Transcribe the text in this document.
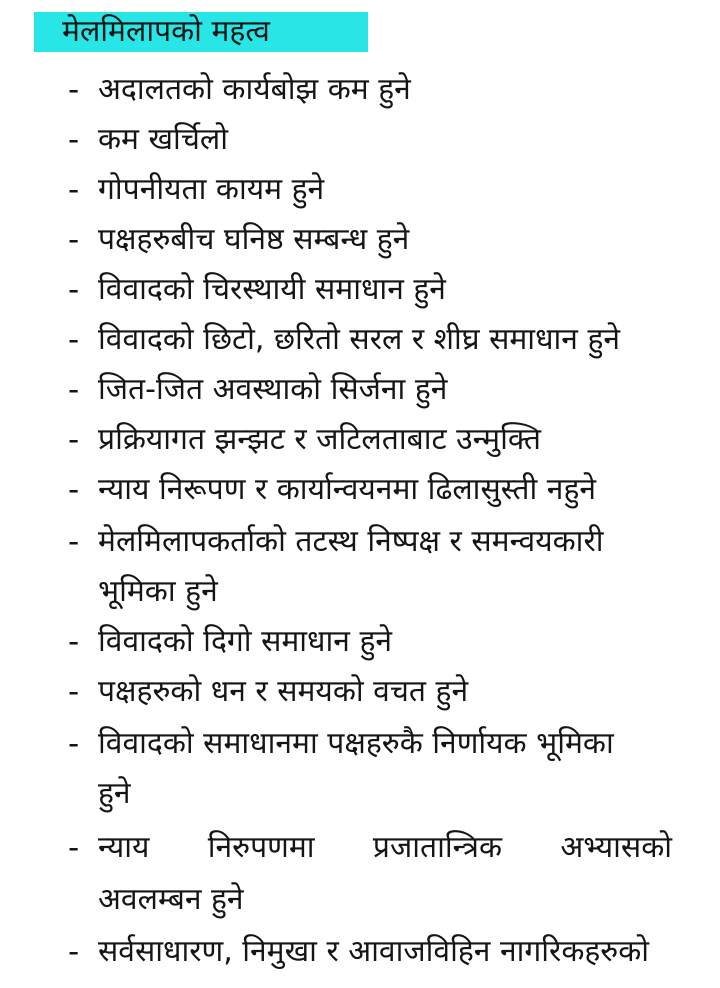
मेलमिलापको महत्व
- अदालतको कार्यबोझ कम हुने
- कम खर्चिलो
- गोपनीयता कायम हुने
- पक्षहरुबीच घनिष्ठ सम्बन्ध हुने
- विवादको चिरस्थायी समाधान हुने
- विवादको छिटो, छरितो सरल र शीघ्र समाधान हुने
- जित-जित अवस्थाको सिर्जना हुने
- प्रक्रियागत झन्झट र जटिलताबाट उन्मुक्ति
- न्याय निरूपण र कार्यान्वयनमा ढिलासुस्ती नहुने
- मेलमिलापकर्ताको तटस्थ निष्पक्ष र समन्वयकारी
भूमिका हुने
- विवादको दिगो समाधान हुने
- पक्षहरुको धन र समयको वचत हुने
- विवादको समाधानमा पक्षहरुकै निर्णायक भूमिका
हुने
- न्याय निरुपणमा प्रजातान्त्रिक अभ्यासको
अवलम्बन हुने
- सर्वसाधारण, निमुखा र आवाजविहिन नागरिकहरुको
